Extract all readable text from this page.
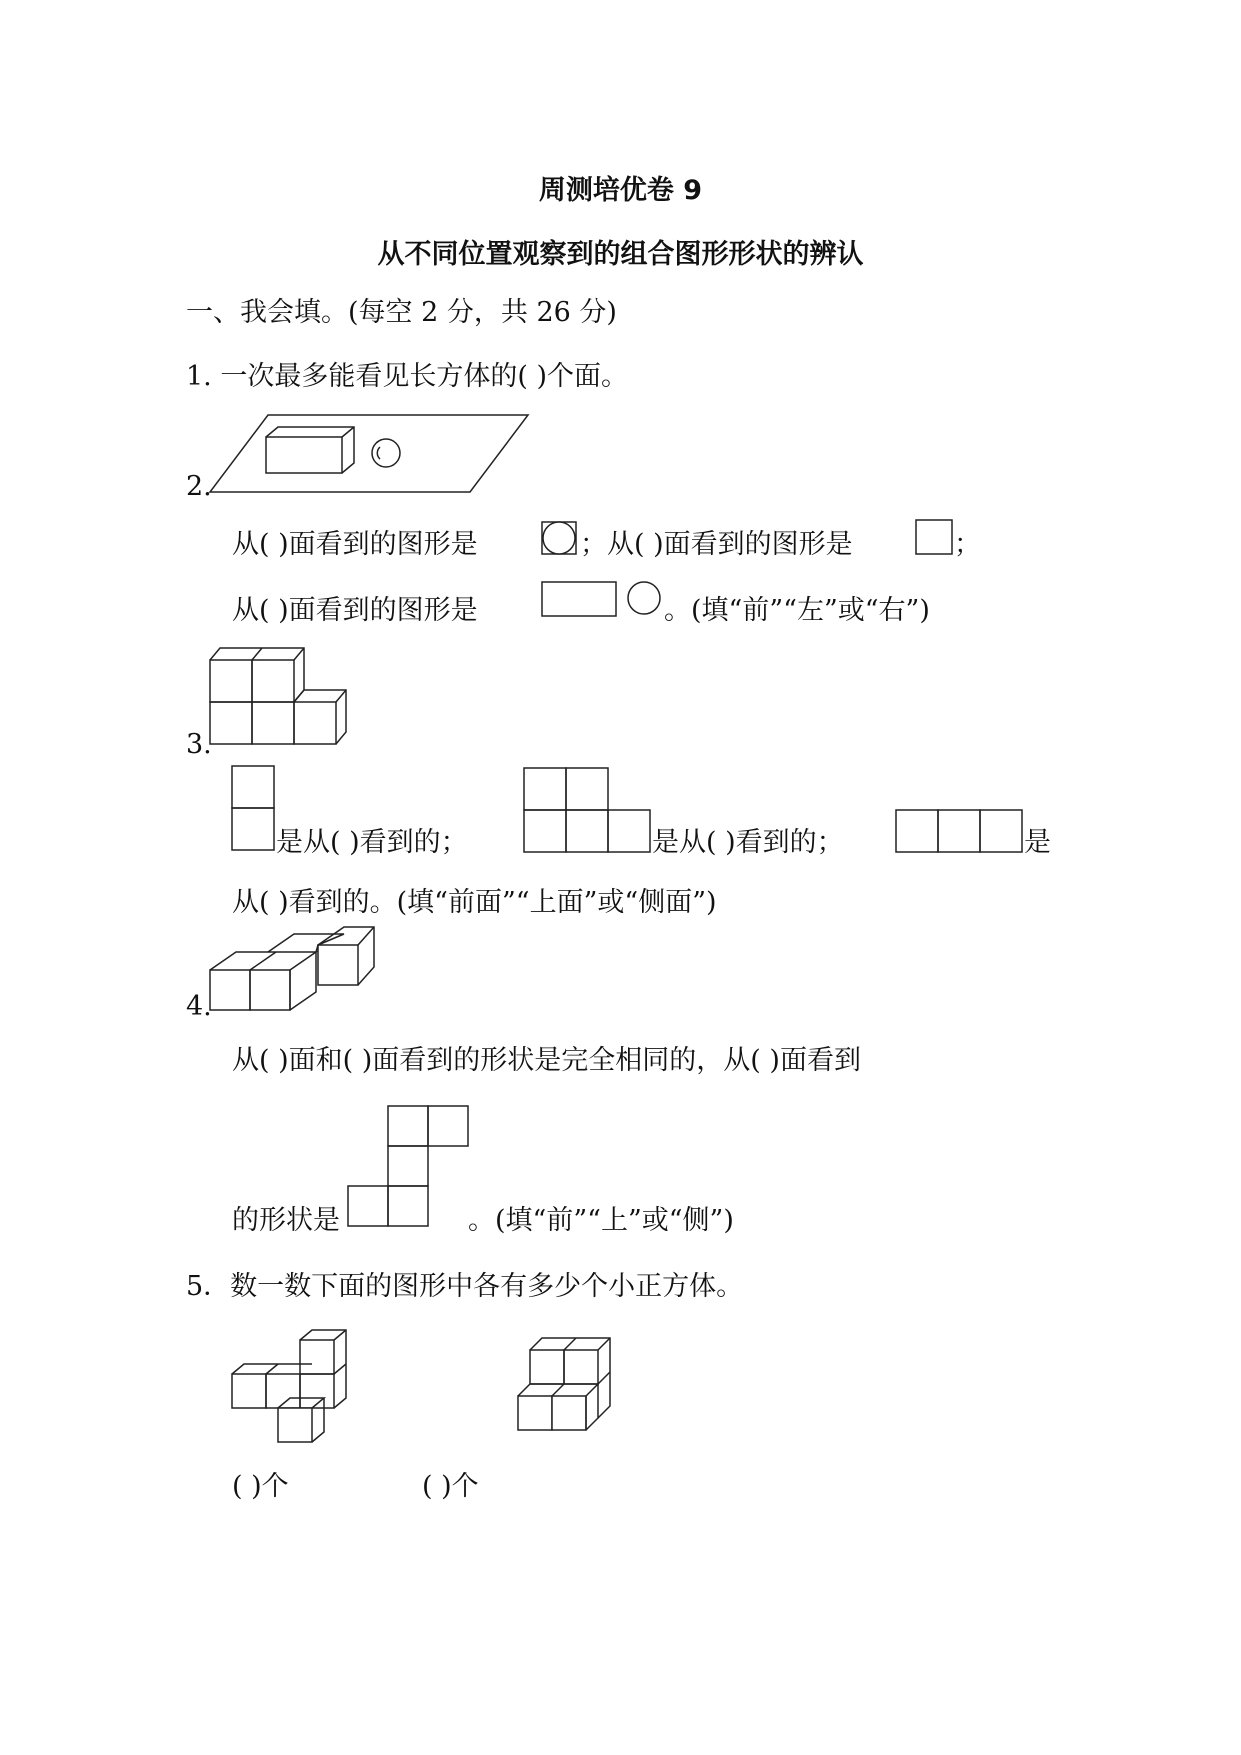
周测培优卷 9
从不同位置观察到的组合图形形状的辨认
一、我会填。(每空 2 分，共 26 分)
1. 一次最多能看见长方体的( )个面。
2.
从( )面看到的图形是	；从( )面看到的图形是	；
从( )面看到的图形是	。(填“前”“左”或“右”)
3.
是从( )看到的；	是从( )看到的；	是
从( )看到的。(填“前面”“上面”或“侧面”)
4.
从( )面和( )面看到的形状是完全相同的，从( )面看到
的形状是	。(填“前”“上”或“侧”)
5．数一数下面的图形中各有多少个小正方体。
( )个	( )个
